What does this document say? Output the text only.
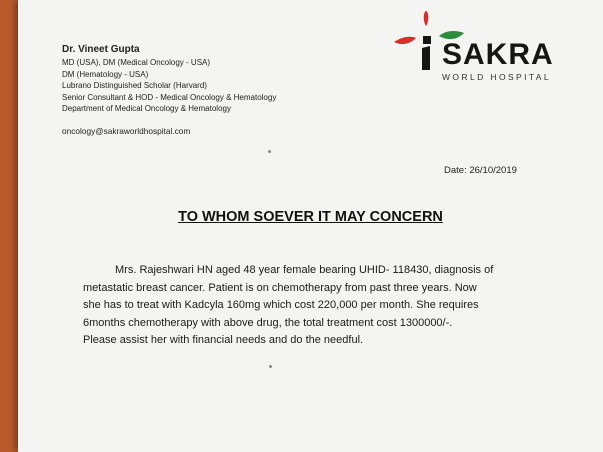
Dr. Vineet Gupta
MD (USA), DM (Medical Oncology - USA)
DM (Hematology - USA)
Lubrano Distinguished Scholar (Harvard)
Senior Consultant & HOD - Medical Oncology & Hematology
Department of Medical Oncology & Hematology
oncology@sakraworldhospital.com
SAKRA
WORLD HOSPITAL
Date: 26/10/2019
TO WHOM SOEVER IT MAY CONCERN
Mrs. Rajeshwari HN aged 48 year female bearing UHID- 118430, diagnosis of
metastatic breast cancer. Patient is on chemotherapy from past three years. Now
she has to treat with Kadcyla 160mg which cost 220,000 per month. She requires
6months chemotherapy with above drug, the total treatment cost 1300000/-.
Please assist her with financial needs and do the needful.
